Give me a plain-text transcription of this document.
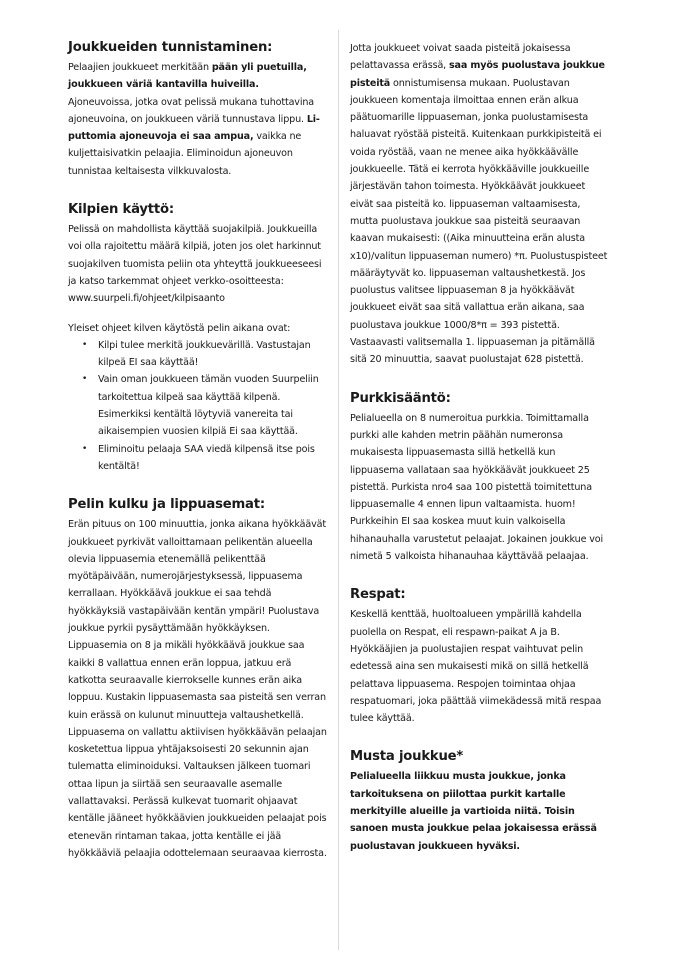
Joukkueiden tunnistaminen:

Pelaajien joukkueet merkitään pään yli puetuilla, joukkueen väriä kantavilla huiveilla.

Ajoneuvoissa, jotka ovat pelissä mukana tuhottavina ajoneuvoina, on joukkueen väriä tunnustava lippu. Li-puttomia ajoneuvoja ei saa ampua, vaikka ne kuljettaisivatkin pelaajia. Eliminoidun ajoneuvon tunnistaa keltaisesta vilkkuvalosta.

Kilpien käyttö:

Pelissä on mahdollista käyttää suojakilpiä. Joukkueilla voi olla rajoitettu määrä kilpiä, joten jos olet harkinnut suojakilven tuomista peliin ota yhteyttä joukkueeseesi ja katso tarkemmat ohjeet verkko-osoitteesta:

www.suurpeli.fi/ohjeet/kilpisaanto

Yleiset ohjeet kilven käytöstä pelin aikana ovat:

• Kilpi tulee merkitä joukkuevärillä. Vastustajan kilpeä EI saa käyttää!
• Vain oman joukkueen tämän vuoden Suurpeliin tarkoitettua kilpeä saa käyttää kilpenä. Esimerkiksi kentältä löytyviä vanereita tai aikaisempien vuosien kilpiä Ei saa käyttää.
• Eliminoitu pelaaja SAA viedä kilpensä itse pois kentältä!
Pelin kulku ja lippuasemat:

Erän pituus on 100 minuuttia, jonka aikana hyökkäävät joukkueet pyrkivät valloittamaan pelikentän alueella olevia lippuasemia etenemällä pelikenttää myötäpäivään, numerojärjestyksessä, lippuasema kerrallaan. Hyökkäävä joukkue ei saa tehdä hyökkäyksiä vastapäivään kentän ympäri! Puolustava joukkue pyrkii pysäyttämään hyökkäyksen. Lippuasemia on 8 ja mikäli hyökkäävä joukkue saa kaikki 8 vallattua ennen erän loppua, jatkuu erä katkotta seuraavalle kierrokselle kunnes erän aika loppuu. Kustakin lippuasemasta saa pisteitä sen verran kuin erässä on kulunut minuutteja valtaushetkellä. Lippuasema on vallattu aktiivisen hyökkäävän pelaajan kosketettua lippua yhtäjaksoisesti 20 sekunnin ajan tulematta eliminoiduksi. Valtauksen jälkeen tuomari ottaa lipun ja siirtää sen seuraavalle asemalle vallattavaksi. Perässä kulkevat tuomarit ohjaavat kentälle jääneet hyökkäävien joukkueiden pelaajat pois etenevän rintaman takaa, jotta kentälle ei jää hyökkääviä pelaajia odottelemaan seuraavaa kierrosta.

Jotta joukkueet voivat saada pisteitä jokaisessa pelattavassa erässä, saa myös puolustava joukkue pisteitä onnistumisensa mukaan. Puolustavan joukkueen komentaja ilmoittaa ennen erän alkua päätuomarille lippuaseman, jonka puolustamisesta haluavat ryöstää pisteitä. Kuitenkaan purkkipisteitä ei voida ryöstää, vaan ne menee aika hyökkäävälle joukkueelle. Tätä ei kerrota hyökkääville joukkueille järjestävän tahon toimesta. Hyökkäävät joukkueet eivät saa pisteitä ko. lippuaseman valtaamisesta, mutta puolustava joukkue saa pisteitä seuraavan kaavan mukaisesti: ((Aika minuutteina erän alusta x10)/valitun lippuaseman numero) *π. Puolustuspisteet määräytyvät ko. lippuaseman valtaushetkestä. Jos puolustus valitsee lippuaseman 8 ja hyökkäävät joukkueet eivät saa sitä vallattua erän aikana, saa puolustava joukkue 1000/8*π = 393 pistettä. Vastaavasti valitsemalla 1. lippuaseman ja pitämällä sitä 20 minuuttia, saavat puolustajat 628 pistettä.

Purkkisääntö:

Pelialueella on 8 numeroitua purkkia. Toimittamalla purkki alle kahden metrin päähän numeronsa mukaisesta lippuasemasta sillä hetkellä kun lippuasema vallataan saa hyökkäävät joukkueet 25 pistettä. Purkista nro4 saa 100 pistettä toimitettuna lippuasemalle 4 ennen lipun valtaamista. huom! Purkkeihin EI saa koskea muut kuin valkoisella hihanauhalla varustetut pelaajat. Jokainen joukkue voi nimetä 5 valkoista hihanauhaa käyttävää pelaajaa.

Respat:

Keskellä kenttää, huoltoalueen ympärillä kahdella puolella on Respat, eli respawn-paikat A ja B. Hyökkääjien ja puolustajien respat vaihtuvat pelin edetessä aina sen mukaisesti mikä on sillä hetkellä pelattava lippuasema. Respojen toimintaa ohjaa respatuomari, joka päättää viimekädessä mitä respaa tulee käyttää.

Musta joukkue*

Pelialueella liikkuu musta joukkue, jonka tarkoituksena on piilottaa purkit kartalle merkityille alueille ja vartioida niitä. Toisin sanoen musta joukkue pelaa jokaisessa erässä puolustavan joukkueen hyväksi.
